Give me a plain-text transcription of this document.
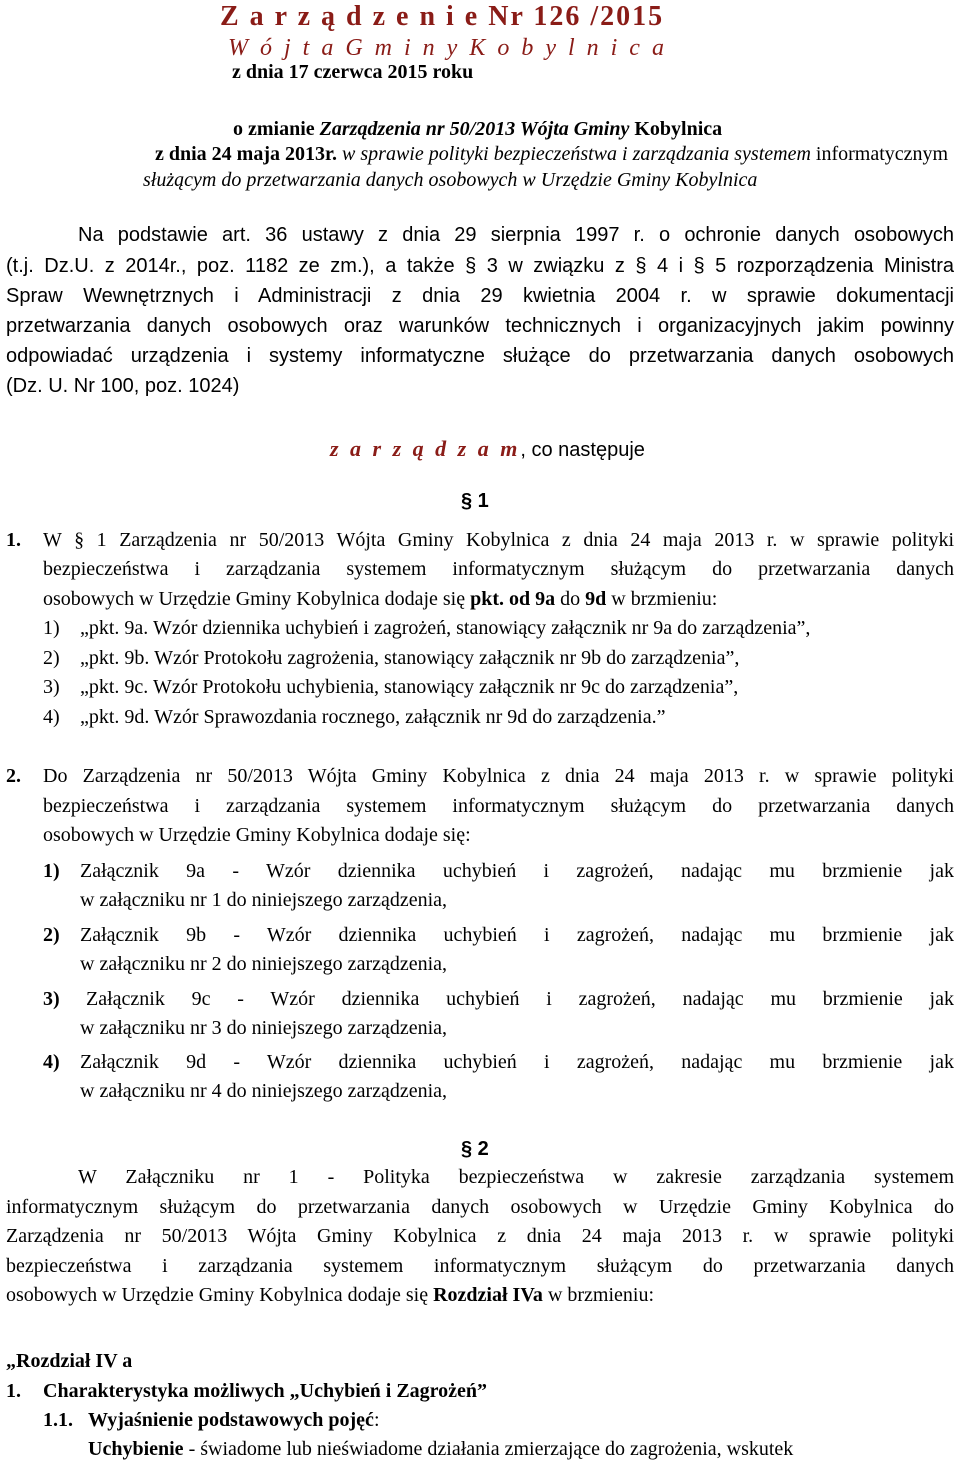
Z a r z ą d z e n i e Nr 126 /2015
W ó j t a G m i n y K o b y l n i c a
z dnia 17 czerwca 2015 roku
o zmianie Zarządzenia nr 50/2013 Wójta Gminy Kobylnica
z dnia 24 maja 2013r. w sprawie polityki bezpieczeństwa i zarządzania systemem informatycznym
służącym do przetwarzania danych osobowych w Urzędzie Gminy Kobylnica
Na podstawie art. 36 ustawy z dnia 29 sierpnia 1997 r. o ochronie danych osobowych
(t.j. Dz.U. z 2014r., poz. 1182 ze zm.), a także § 3 w związku z § 4 i § 5 rozporządzenia Ministra
Spraw Wewnętrznych i Administracji z dnia 29 kwietnia 2004 r. w sprawie dokumentacji
przetwarzania danych osobowych oraz warunków technicznych i organizacyjnych jakim powinny
odpowiadać urządzenia i systemy informatyczne służące do przetwarzania danych osobowych
(Dz. U. Nr 100, poz. 1024)
z a r z ą d z a m, co następuje
§ 1
1. W § 1 Zarządzenia nr 50/2013 Wójta Gminy Kobylnica z dnia 24 maja 2013 r. w sprawie polityki
bezpieczeństwa i zarządzania systemem informatycznym służącym do przetwarzania danych
osobowych w Urzędzie Gminy Kobylnica dodaje się pkt. od 9a do 9d w brzmieniu:
1) „pkt. 9a. Wzór dziennika uchybień i zagrożeń, stanowiący załącznik nr 9a do zarządzenia”,
2) „pkt. 9b. Wzór Protokołu zagrożenia, stanowiący załącznik nr 9b do zarządzenia”,
3) „pkt. 9c. Wzór Protokołu uchybienia, stanowiący załącznik nr 9c do zarządzenia”,
4) „pkt. 9d. Wzór Sprawozdania rocznego, załącznik nr 9d do zarządzenia.”
2. Do Zarządzenia nr 50/2013 Wójta Gminy Kobylnica z dnia 24 maja 2013 r. w sprawie polityki
bezpieczeństwa i zarządzania systemem informatycznym służącym do przetwarzania danych
osobowych w Urzędzie Gminy Kobylnica dodaje się:
1) Załącznik 9a - Wzór dziennika uchybień i zagrożeń, nadając mu brzmienie jak
w załączniku nr 1 do niniejszego zarządzenia,
2) Załącznik 9b - Wzór dziennika uchybień i zagrożeń, nadając mu brzmienie jak
w załączniku nr 2 do niniejszego zarządzenia,
3) Załącznik 9c - Wzór dziennika uchybień i zagrożeń, nadając mu brzmienie jak
w załączniku nr 3 do niniejszego zarządzenia,
4) Załącznik 9d - Wzór dziennika uchybień i zagrożeń, nadając mu brzmienie jak
w załączniku nr 4 do niniejszego zarządzenia,
§ 2
W Załączniku nr 1 - Polityka bezpieczeństwa w zakresie zarządzania systemem
informatycznym służącym do przetwarzania danych osobowych w Urzędzie Gminy Kobylnica do
Zarządzenia nr 50/2013 Wójta Gminy Kobylnica z dnia 24 maja 2013 r. w sprawie polityki
bezpieczeństwa i zarządzania systemem informatycznym służącym do przetwarzania danych
osobowych w Urzędzie Gminy Kobylnica dodaje się Rozdział IVa w brzmieniu:
„Rozdział IV a
1. Charakterystyka możliwych „Uchybień i Zagrożeń”
1.1. Wyjaśnienie podstawowych pojęć:
Uchybienie - świadome lub nieświadome działania zmierzające do zagrożenia, wskutek
